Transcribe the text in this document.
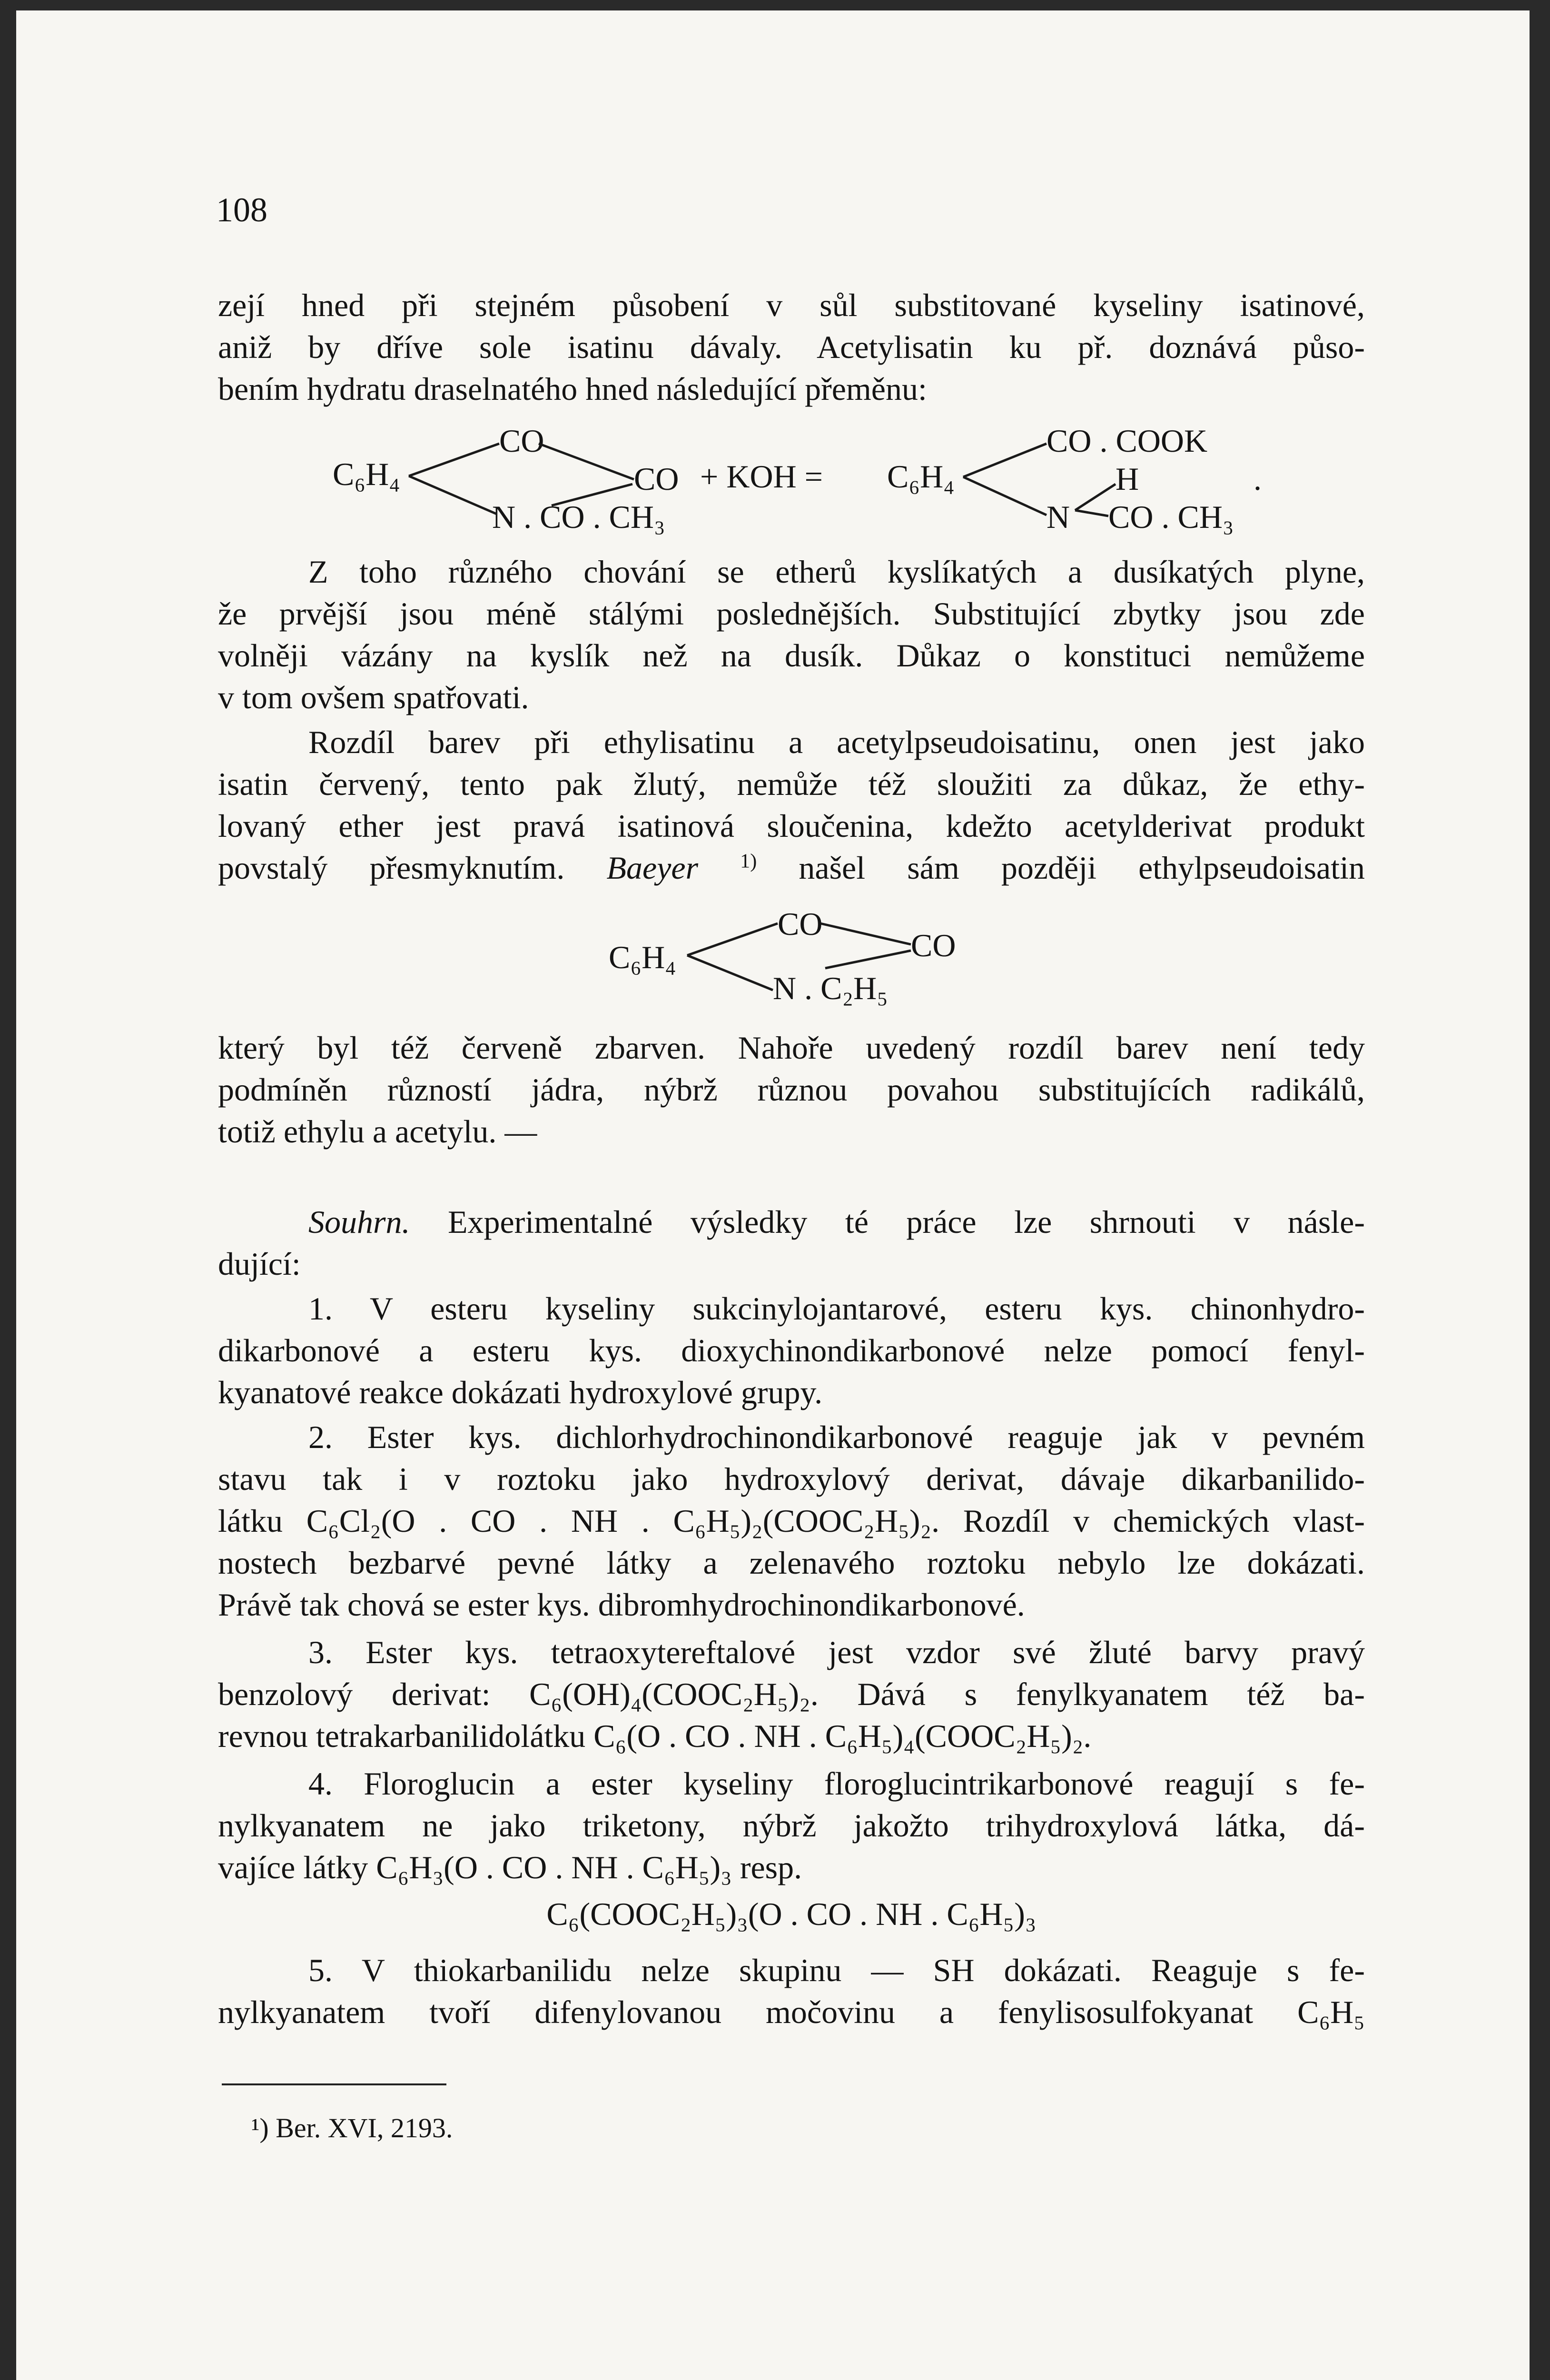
108
zejí hned při stejném působení v sůl substitované kyseliny isatinové,
aniž by dříve sole isatinu dávaly. Acetylisatin ku př. doznává půso-
bením hydratu draselnatého hned následující přeměnu:
C₆H₄
CO
CO
N . CO . CH₃
+ KOH = C₆H₄
CO . COOK
H
N CO . CH₃
.
Z toho různého chování se etherů kyslíkatých a dusíkatých plyne,
že prvější jsou méně stálými poslednějších. Substitující zbytky jsou zde
volněji vázány na kyslík než na dusík. Důkaz o konstituci nemůžeme
v tom ovšem spatřovati.
Rozdíl barev při ethylisatinu a acetylpseudoisatinu, onen jest jako
isatin červený, tento pak žlutý, nemůže též sloužiti za důkaz, že ethy-
lovaný ether jest pravá isatinová sloučenina, kdežto acetylderivat produkt
povstalý přesmyknutím. Baeyer $^{1)}$ našel sám později ethylpseudoisatin
C₆H₄
CO
CO
N . C₂H₅
který byl též červeně zbarven. Nahoře uvedený rozdíl barev není tedy
podmíněn růzností jádra, nýbrž různou povahou substitujících radikálů,
totiž ethylu a acetylu. —
Souhrn. Experimentalné výsledky té práce lze shrnouti v násle-
dující:
1. V esteru kyseliny sukcinylojantarové, esteru kys. chinonhydro-
dikarbonové a esteru kys. dioxychinondikarbonové nelze pomocí fenyl-
kyanatové reakce dokázati hydroxylové grupy.
2. Ester kys. dichlorhydrochinondikarbonové reaguje jak v pevném
stavu tak i v roztoku jako hydroxylový derivat, dávaje dikarbanilido-
látku C₆Cl₂(O . CO . NH . C₆H₅)₂(COOC₂H₅)₂. Rozdíl v chemických vlast-
nostech bezbarvé pevné látky a zelenavého roztoku nebylo lze dokázati.
Právě tak chová se ester kys. dibromhydrochinondikarbonové.
3. Ester kys. tetraoxytereftalové jest vzdor své žluté barvy pravý
benzolový derivat: C₆(OH)₄(COOC₂H₅)₂. Dává s fenylkyanatem též ba-
revnou tetrakarbanilidolátku C₆(O . CO . NH . C₆H₅)₄(COOC₂H₅)₂.
4. Floroglucin a ester kyseliny floroglucintrikarbonové reagují s fe-
nylkyanatem ne jako triketony, nýbrž jakožto trihydroxylová látka, dá-
vajíce látky C₆H₃(O . CO . NH . C₆H₅)₃ resp.
C₆(COOC₂H₅)₃(O . CO . NH . C₆H₅)₃
5. V thiokarbanilidu nelze skupinu — SH dokázati. Reaguje s fe-
nylkyanatem tvoří difenylovanou močovinu a fenylisosulfokyanat C₆H₅
¹) Ber. XVI, 2193.
